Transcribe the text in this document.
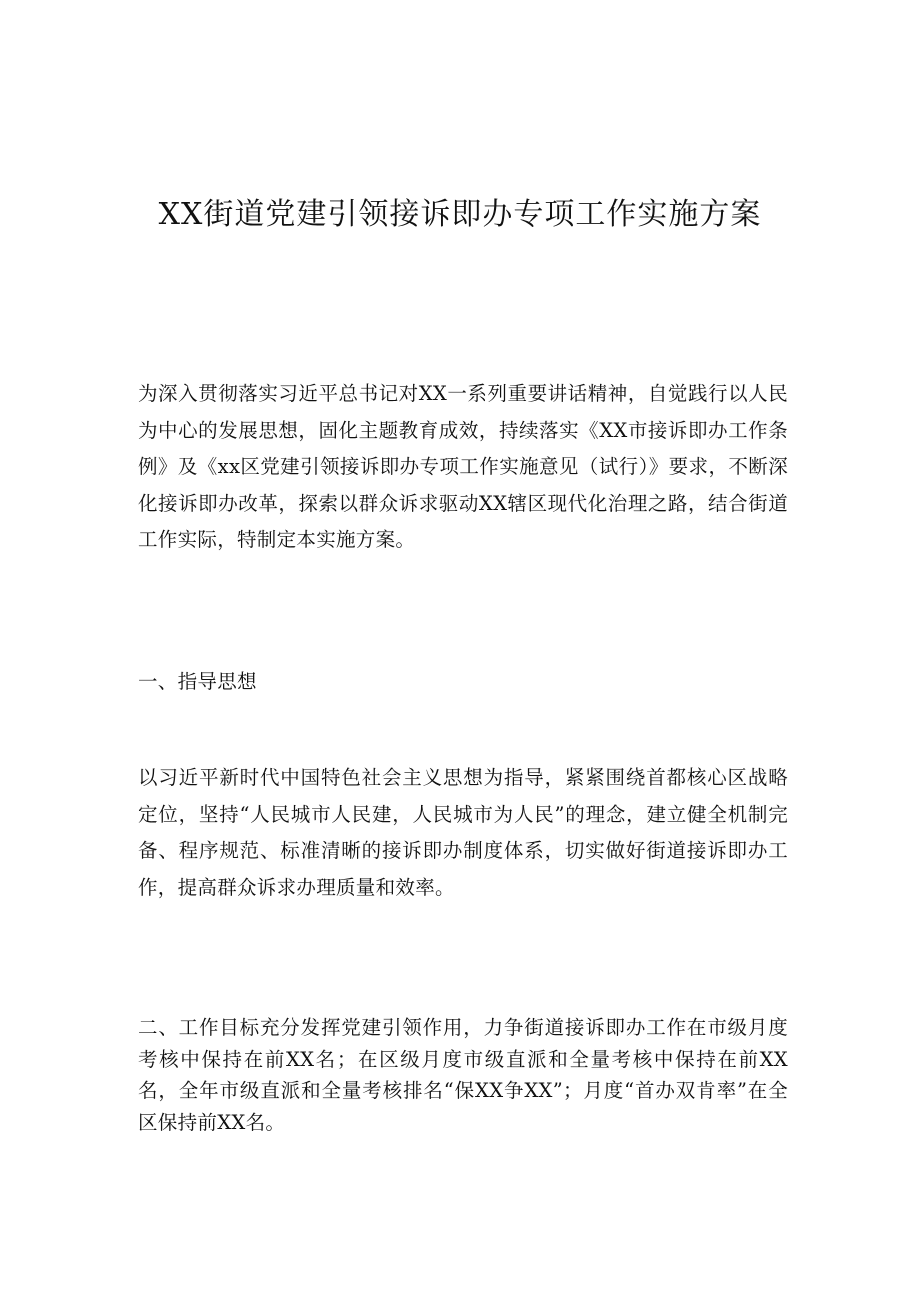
XX街道党建引领接诉即办专项工作实施方案

为深入贯彻落实习近平总书记对XX一系列重要讲话精神，自觉践行以人民为中心的发展思想，固化主题教育成效，持续落实《XX市接诉即办工作条例》及《xx区党建引领接诉即办专项工作实施意见（试行）》要求，不断深化接诉即办改革，探索以群众诉求驱动XX辖区现代化治理之路，结合街道工作实际，特制定本实施方案。

一、指导思想

以习近平新时代中国特色社会主义思想为指导，紧紧围绕首都核心区战略定位，坚持“人民城市人民建，人民城市为人民”的理念，建立健全机制完备、程序规范、标准清晰的接诉即办制度体系，切实做好街道接诉即办工作，提高群众诉求办理质量和效率。

二、工作目标充分发挥党建引领作用，力争街道接诉即办工作在市级月度考核中保持在前XX名；在区级月度市级直派和全量考核中保持在前XX名，全年市级直派和全量考核排名“保XX争XX”；月度“首办双肯率”在全区保持前XX名。
